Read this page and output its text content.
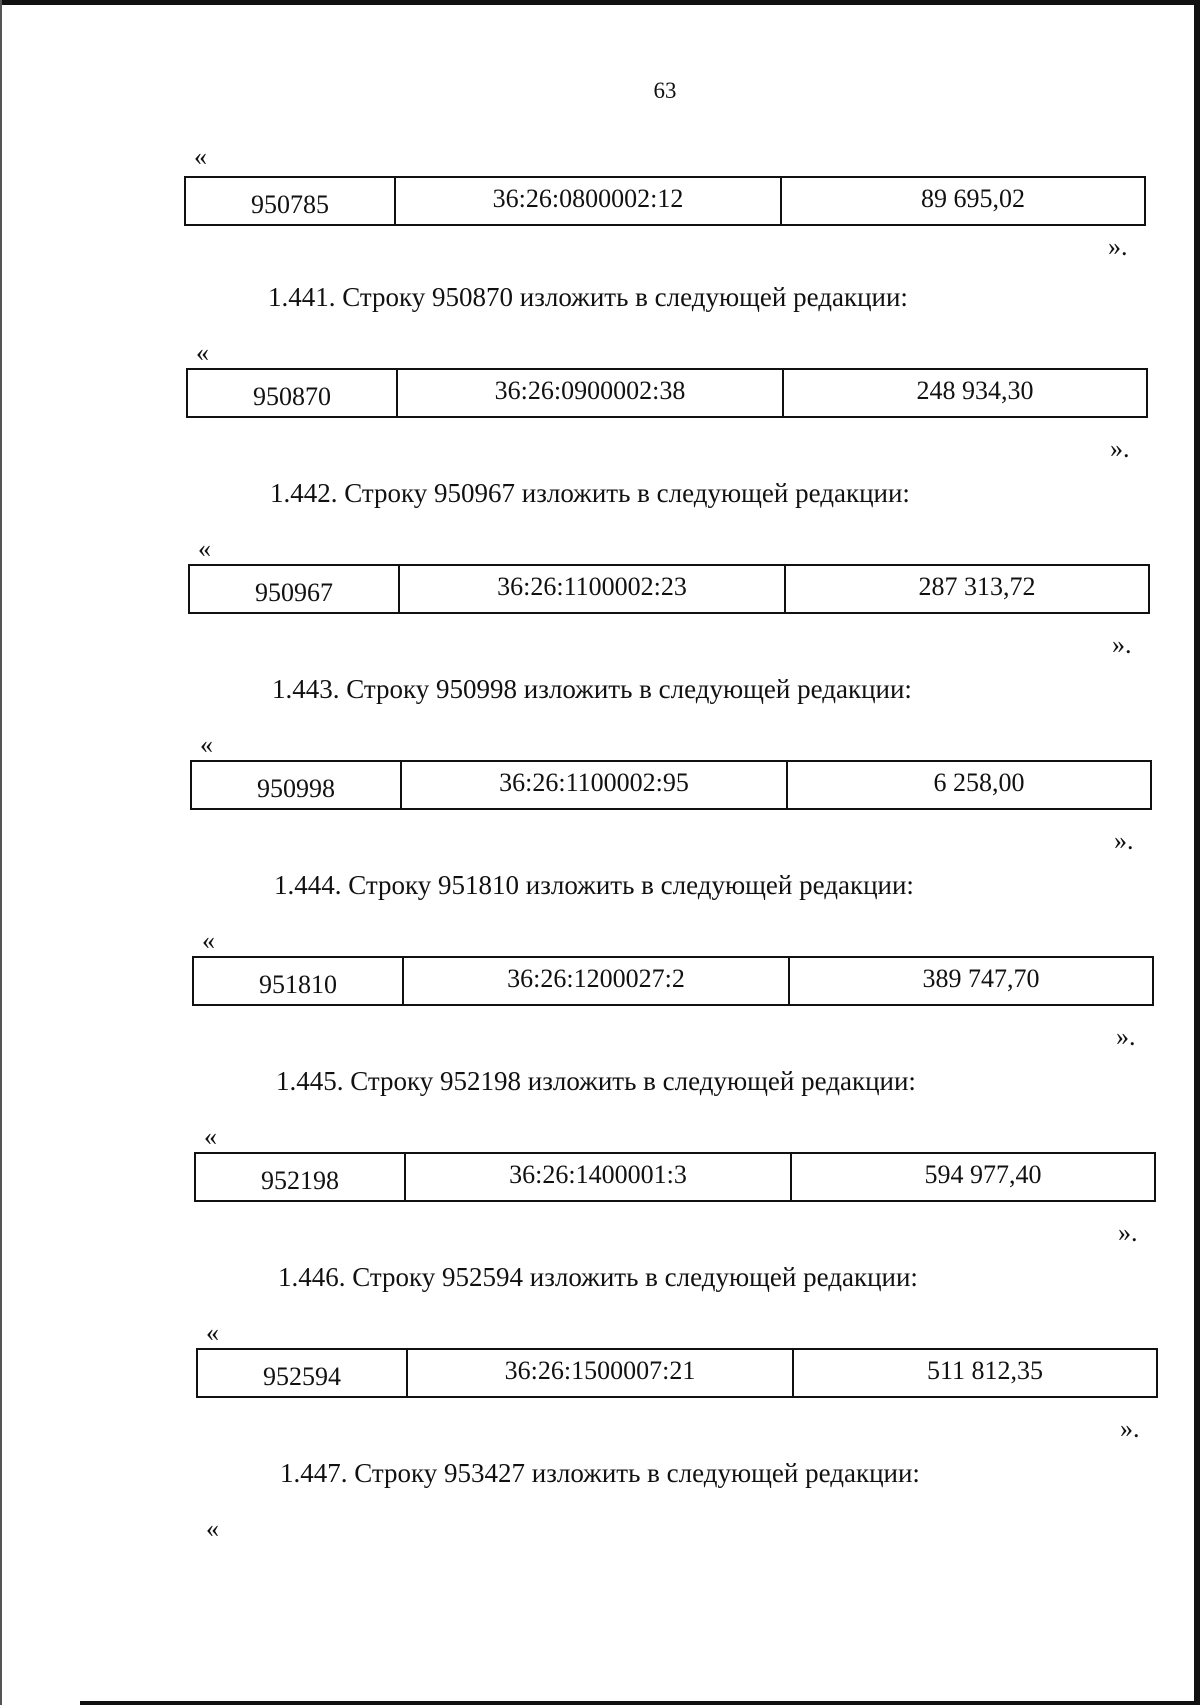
63
«
950785	36:26:0800002:12	89 695,02
».
1.441. Строку 950870 изложить в следующей редакции:
«
950870	36:26:0900002:38	248 934,30
».
1.442. Строку 950967 изложить в следующей редакции:
«
950967	36:26:1100002:23	287 313,72
».
1.443. Строку 950998 изложить в следующей редакции:
«
950998	36:26:1100002:95	6 258,00
».
1.444. Строку 951810 изложить в следующей редакции:
«
951810	36:26:1200027:2	389 747,70
».
1.445. Строку 952198 изложить в следующей редакции:
«
952198	36:26:1400001:3	594 977,40
».
1.446. Строку 952594 изложить в следующей редакции:
«
952594	36:26:1500007:21	511 812,35
».
1.447. Строку 953427 изложить в следующей редакции:
«
